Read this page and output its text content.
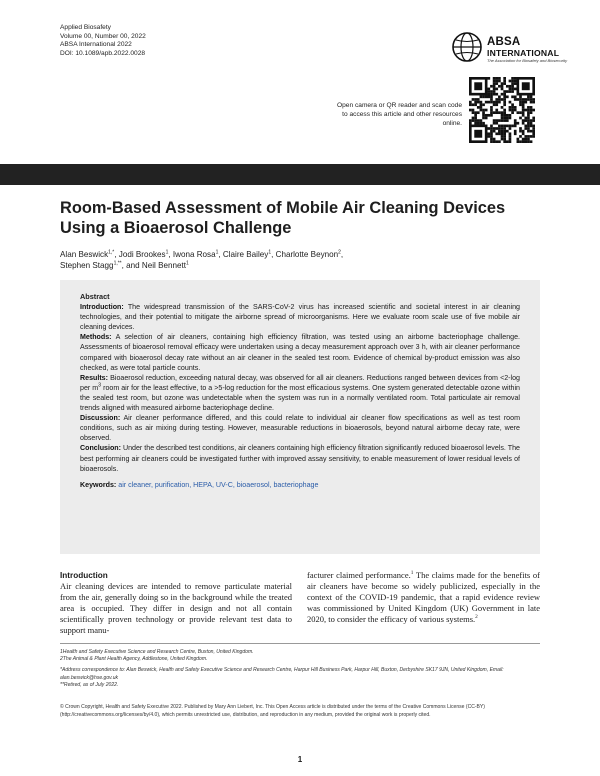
Applied Biosafety
Volume 00, Number 00, 2022
ABSA International 2022
DOI: 10.1089/apb.2022.0028
ABSA
INTERNATIONAL
The Association for Biosafety and Biosecurity
Open camera or QR reader and scan code to access this article and other resources online.
Room-Based Assessment of Mobile Air Cleaning Devices Using a Bioaerosol Challenge
Alan Beswick$^{1,*}$, Jodi Brookes$^1$, Iwona Rosa$^1$, Claire Bailey$^1$, Charlotte Beynon$^2$,
Stephen Stagg$^{1,**}$, and Neil Bennett$^1$

Abstract

Introduction: The widespread transmission of the SARS-CoV-2 virus has increased scientific and societal interest in air cleaning technologies, and their potential to mitigate the airborne spread of microorganisms. Here we evaluate room scale use of five mobile air cleaning devices.

Methods: A selection of air cleaners, containing high efficiency filtration, was tested using an airborne bacteriophage challenge. Assessments of bioaerosol removal efficacy were undertaken using a decay measurement approach over 3 h, with air cleaner performance compared with bioaerosol decay rate without an air cleaner in the sealed test room. Evidence of chemical by-product emission was also checked, as were total particle counts.

Results: Bioaerosol reduction, exceeding natural decay, was observed for all air cleaners. Reductions ranged between devices from <2-log per $m^3$ room air for the least effective, to a >5-log reduction for the most efficacious systems. One system generated detectable ozone within the sealed test room, but ozone was undetectable when the system was run in a normally ventilated room. Total particulate air removal trends aligned with measured airborne bacteriophage decline.

Discussion: Air cleaner performance differed, and this could relate to individual air cleaner flow specifications as well as test room conditions, such as air mixing during testing. However, measurable reductions in bioaerosols, beyond natural airborne decay rate, were observed.

Conclusion: Under the described test conditions, air cleaners containing high efficiency filtration significantly reduced bioaerosol levels. The best performing air cleaners could be investigated further with improved assay sensitivity, to enable measurement of lower residual levels of bioaerosols.

Keywords: air cleaner, purification, HEPA, UV-C, bioaerosol, bacteriophage

Introduction

Air cleaning devices are intended to remove particulate material from the air, generally doing so in the background while the treated area is occupied. They differ in design and not all contain scientifically proven technology or provide relevant test data to support manu-

facturer claimed performance.$^1$ The claims made for the benefits of air cleaners have become so widely publicized, especially in the context of the COVID-19 pandemic, that a rapid evidence review was commissioned by United Kingdom (UK) Government in late 2020, to consider the efficacy of various systems.$^2$

1Health and Safety Executive Science and Research Centre, Buxton, United Kingdom.

2The Animal & Plant Health Agency, Addlestone, United Kingdom.

*Address correspondence to: Alan Beswick, Health and Safety Executive Science and Research Centre, Harpur Hill Business Park, Harpur Hill, Buxton, Derbyshire SK17 9JN, United Kingdom, Email: alan.beswick@hse.gov.uk

**Retired, as of July 2022.

© Crown Copyright, Health and Safety Executive 2022. Published by Mary Ann Liebert, Inc. This Open Access article is distributed under the terms of the Creative Commons License (CC-BY) (http://creativecommons.org/licenses/by/4.0), which permits unrestricted use, distribution, and reproduction in any medium, provided the original work is properly cited.
1
